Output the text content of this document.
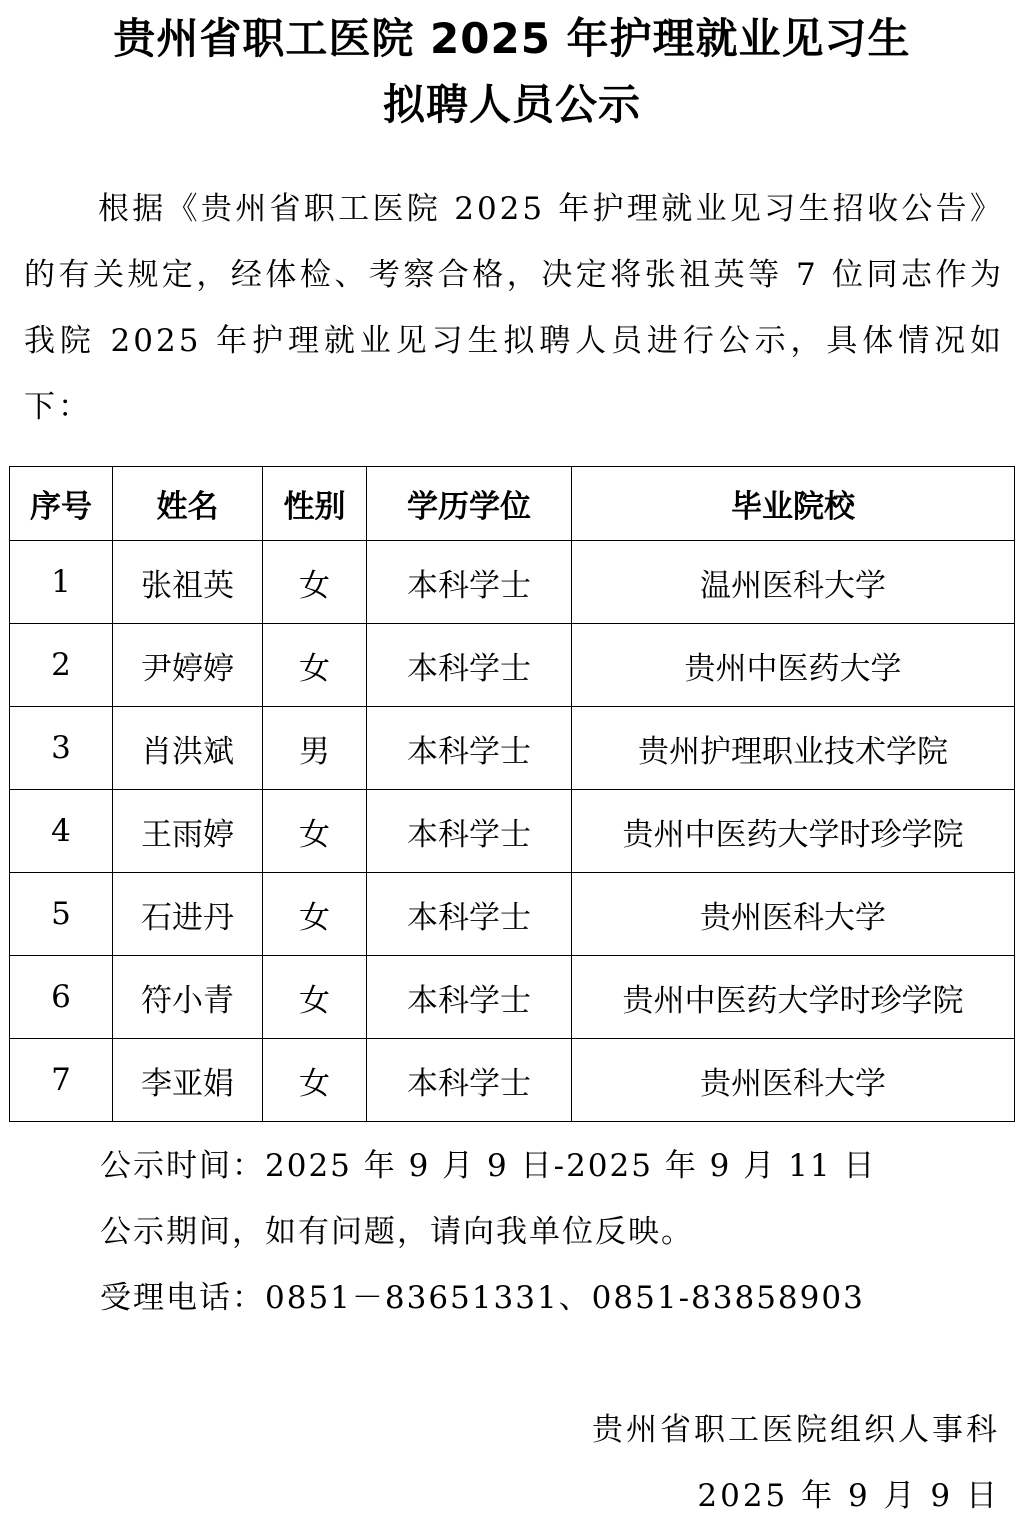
贵州省职工医院 2025 年护理就业见习生
拟聘人员公示

根据《贵州省职工医院 2025 年护理就业见习生招收公告》的有关规定，经体检、考察合格，决定将张祖英等 7 位同志作为我院 2025 年护理就业见习生拟聘人员进行公示，具体情况如下：

序号	姓名	性别	学历学位	毕业院校
1	张祖英	女	本科学士	温州医科大学
2	尹婷婷	女	本科学士	贵州中医药大学
3	肖洪斌	男	本科学士	贵州护理职业技术学院
4	王雨婷	女	本科学士	贵州中医药大学时珍学院
5	石进丹	女	本科学士	贵州医科大学
6	符小青	女	本科学士	贵州中医药大学时珍学院
7	李亚娟	女	本科学士	贵州医科大学
公示时间：2025 年 9 月 9 日-2025 年 9 月 11 日
公示期间，如有问题，请向我单位反映。
受理电话：0851－83651331、0851-83858903
贵州省职工医院组织人事科
2025 年 9 月 9 日
